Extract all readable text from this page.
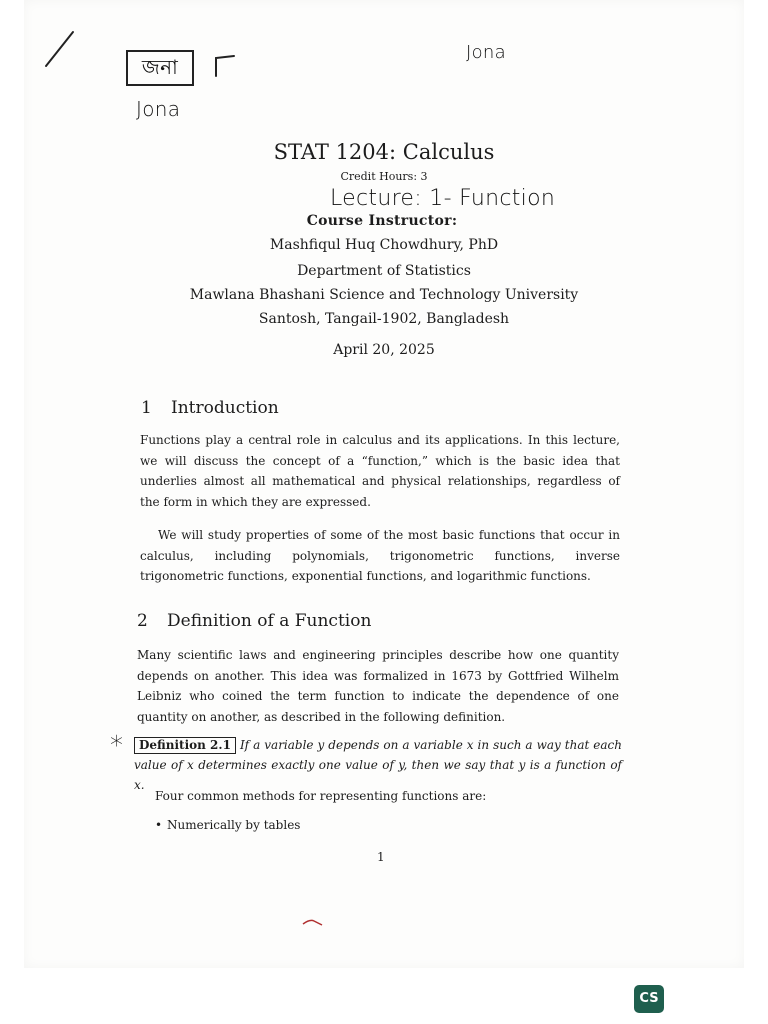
জনা
Jona
Jona
Lecture: 1- Function
STAT 1204: Calculus
Credit Hours: 3
Course Instructor:
Mashfiqul Huq Chowdhury, PhD
Department of Statistics
Mawlana Bhashani Science and Technology University
Santosh, Tangail-1902, Bangladesh
April 20, 2025
1 Introduction

Functions play a central role in calculus and its applications. In this lecture, we will discuss the concept of a “function,” which is the basic idea that underlies almost all mathematical and physical relationships, regardless of the form in which they are expressed.

We will study properties of some of the most basic functions that occur in calculus, including polynomials, trigonometric functions, inverse trigonometric functions, exponential functions, and logarithmic functions.

2 Definition of a Function

Many scientific laws and engineering principles describe how one quantity depends on another. This idea was formalized in 1673 by Gottfried Wilhelm Leibniz who coined the term function to indicate the dependence of one quantity on another, as described in the following definition.

*	Definition 2.1 If a variable y depends on a variable x in such a way that each value of x determines exactly one value of y, then we say that y is a function of x.

Four common methods for representing functions are:

• Numerically by tables
1
CS
